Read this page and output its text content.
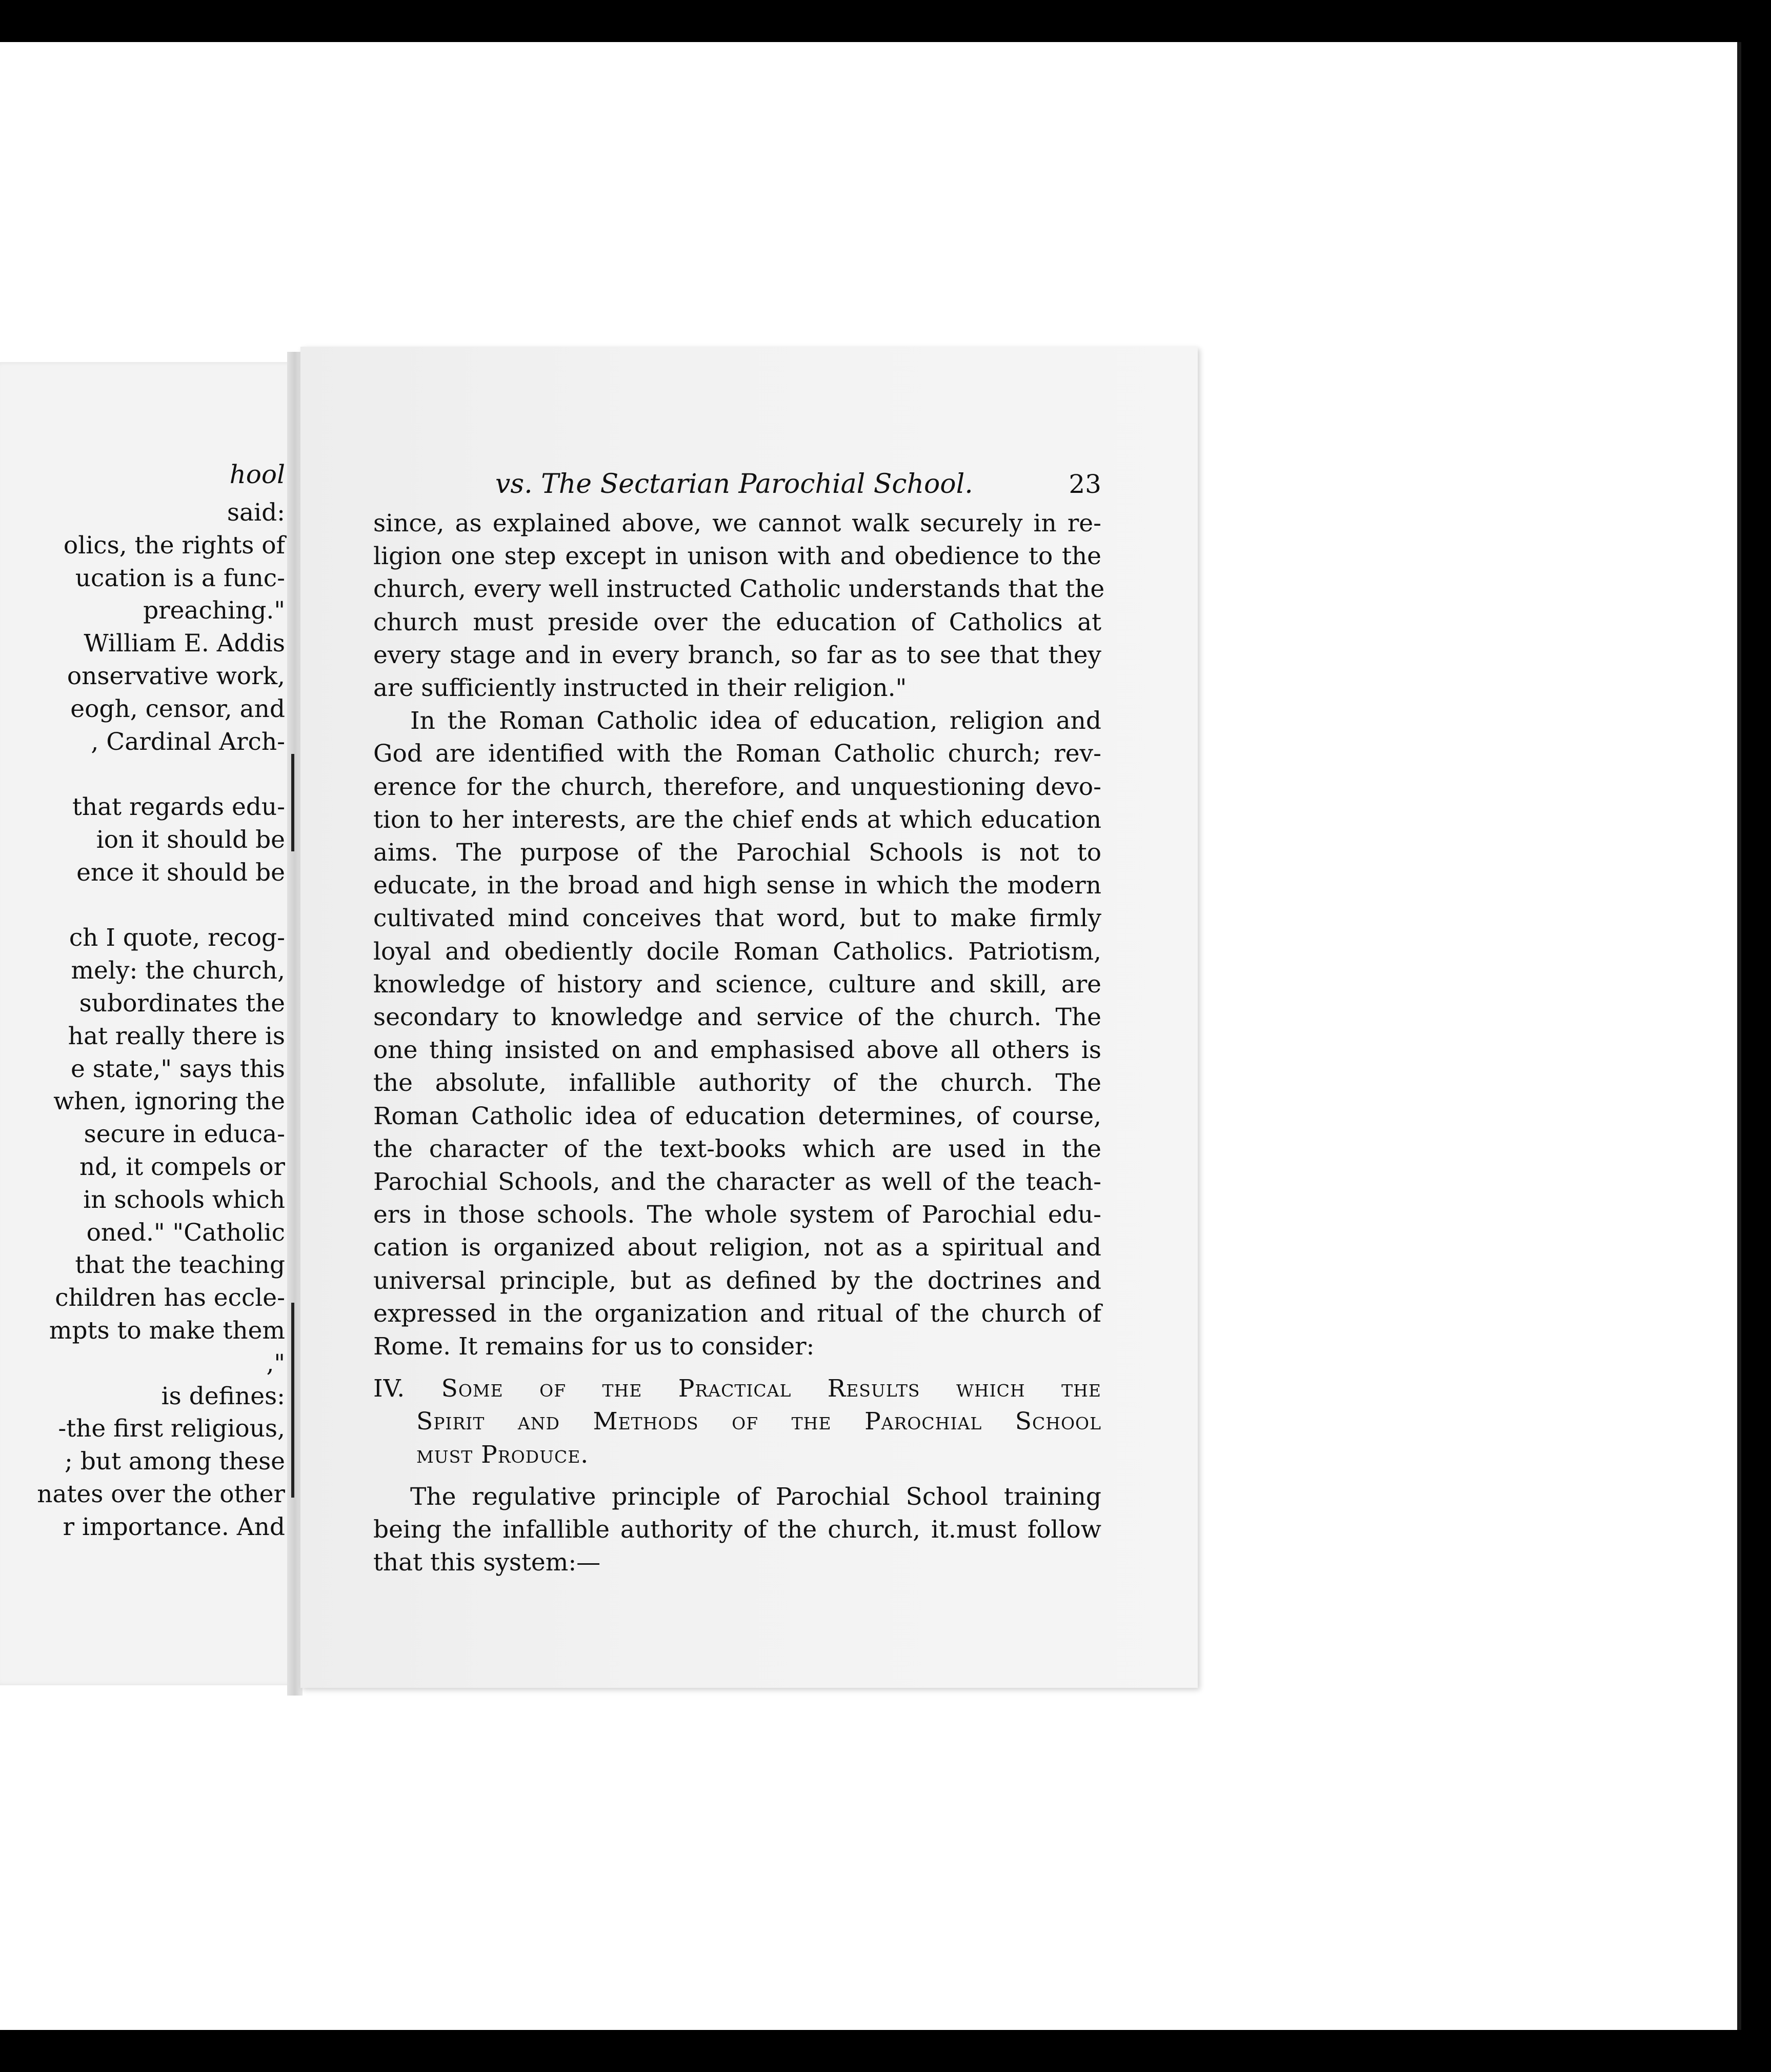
hool
said:
olics, the rights of
ucation is a func-
preaching."
William E. Addis
onservative work,
eogh, censor, and
, Cardinal Arch-
that regards edu-
ion it should be
ence it should be
ch I quote, recog-
mely: the church,
subordinates the
hat really there is
e state," says this
when, ignoring the
secure in educa-
nd, it compels or
in schools which
oned." "Catholic
that the teaching
children has eccle-
mpts to make them
,"
is defines:
-the first religious,
; but among these
nates over the other
r importance. And
vs. The Sectarian Parochial School.	23
since, as explained above, we cannot walk securely in re-
ligion one step except in unison with and obedience to the
church, every well instructed Catholic understands that the
church must preside over the education of Catholics at
every stage and in every branch, so far as to see that they
are sufficiently instructed in their religion."
In the Roman Catholic idea of education, religion and
God are identified with the Roman Catholic church; rev-
erence for the church, therefore, and unquestioning devo-
tion to her interests, are the chief ends at which education
aims. The purpose of the Parochial Schools is not to
educate, in the broad and high sense in which the modern
cultivated mind conceives that word, but to make firmly
loyal and obediently docile Roman Catholics. Patriotism,
knowledge of history and science, culture and skill, are
secondary to knowledge and service of the church. The
one thing insisted on and emphasised above all others is
the absolute, infallible authority of the church. The
Roman Catholic idea of education determines, of course,
the character of the text-books which are used in the
Parochial Schools, and the character as well of the teach-
ers in those schools. The whole system of Parochial edu-
cation is organized about religion, not as a spiritual and
universal principle, but as defined by the doctrines and
expressed in the organization and ritual of the church of
Rome. It remains for us to consider:
IV. Some of the Practical Results which the
Spirit and Methods of the Parochial School
must Produce.
The regulative principle of Parochial School training
being the infallible authority of the church, it.must follow
that this system:—
